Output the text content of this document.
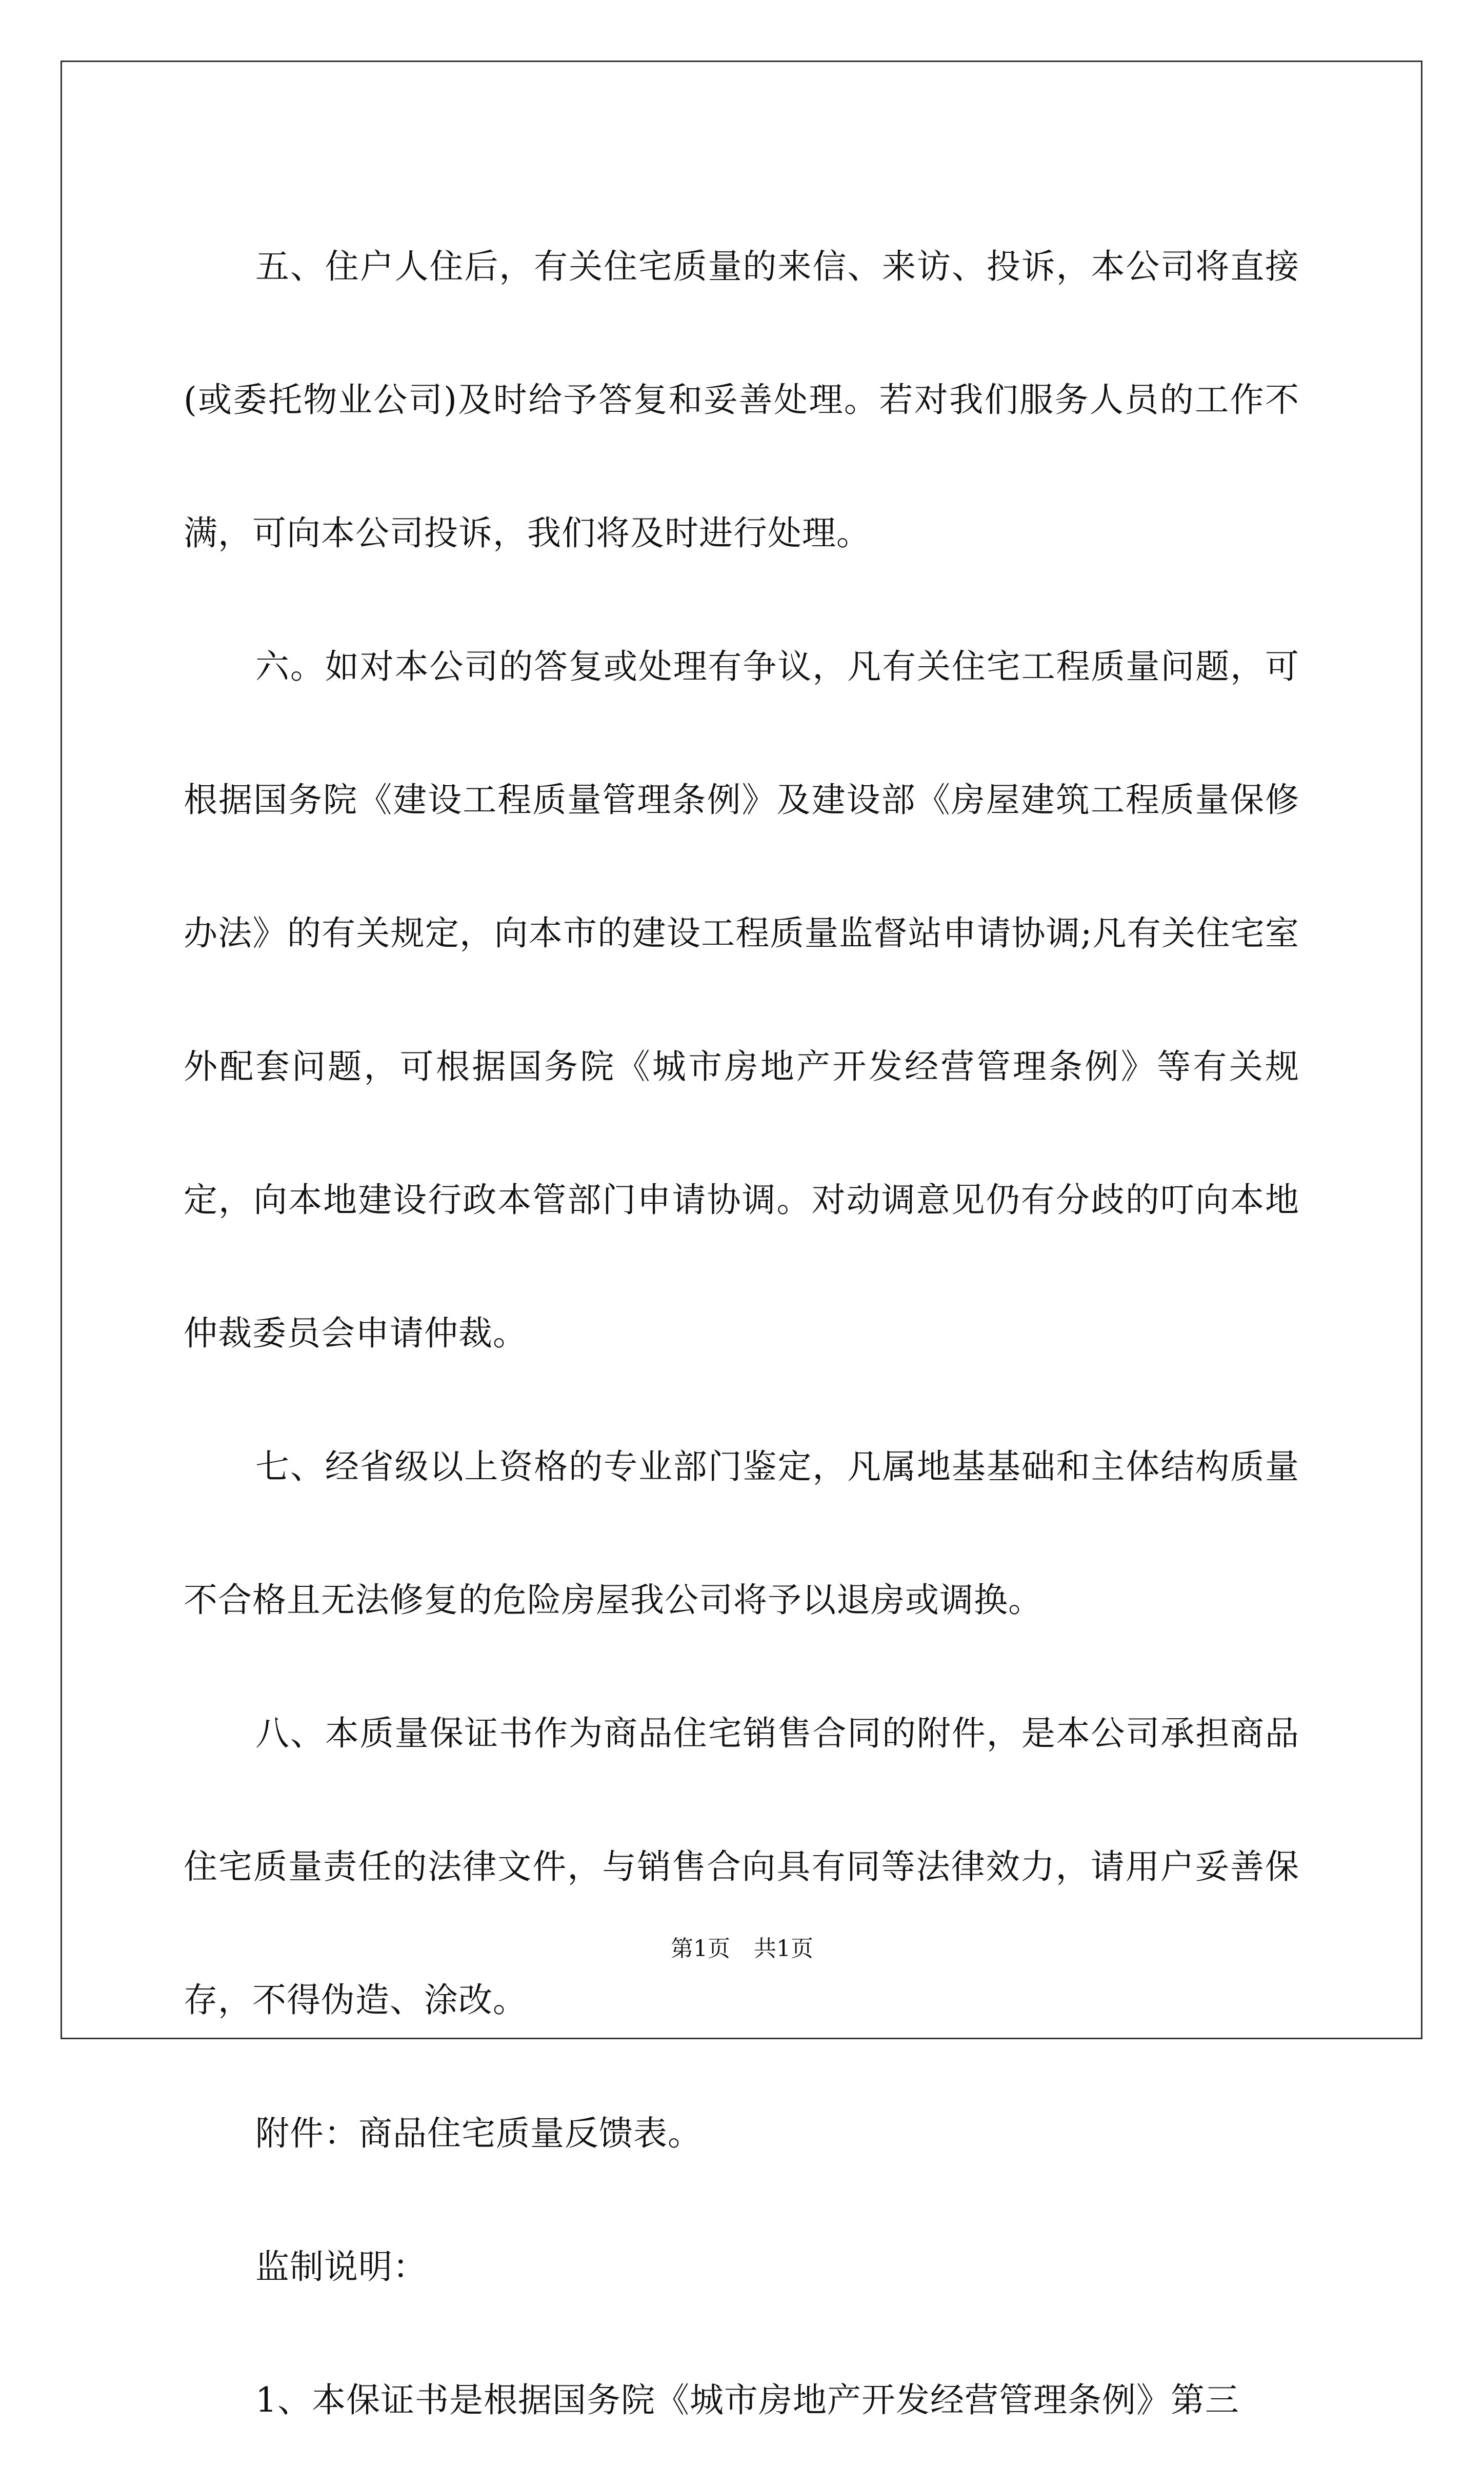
五、住户人住后，有关住宅质量的来信、来访、投诉，本公司将直接(或委托物业公司)及时给予答复和妥善处理。若对我们服务人员的工作不满，可向本公司投诉，我们将及时进行处理。

六。如对本公司的答复或处理有争议，凡有关住宅工程质量问题，可根据国务院《建设工程质量管理条例》及建设部《房屋建筑工程质量保修办法》的有关规定，向本市的建设工程质量监督站申请协调;凡有关住宅室外配套问题，可根据国务院《城市房地产开发经营管理条例》等有关规定，向本地建设行政本管部门申请协调。对动调意见仍有分歧的叮向本地仲裁委员会申请仲裁。

七、经省级以上资格的专业部门鉴定，凡属地基基础和主体结构质量不合格且无法修复的危险房屋我公司将予以退房或调换。

八、本质量保证书作为商品住宅销售合同的附件，是本公司承担商品住宅质量责任的法律文件，与销售合向具有同等法律效力，请用户妥善保存，不得伪造、涂改。

附件：商品住宅质量反馈表。

监制说明：

1、本保证书是根据国务院《城市房地产开发经营管理条例》第三

第1页 共1页
